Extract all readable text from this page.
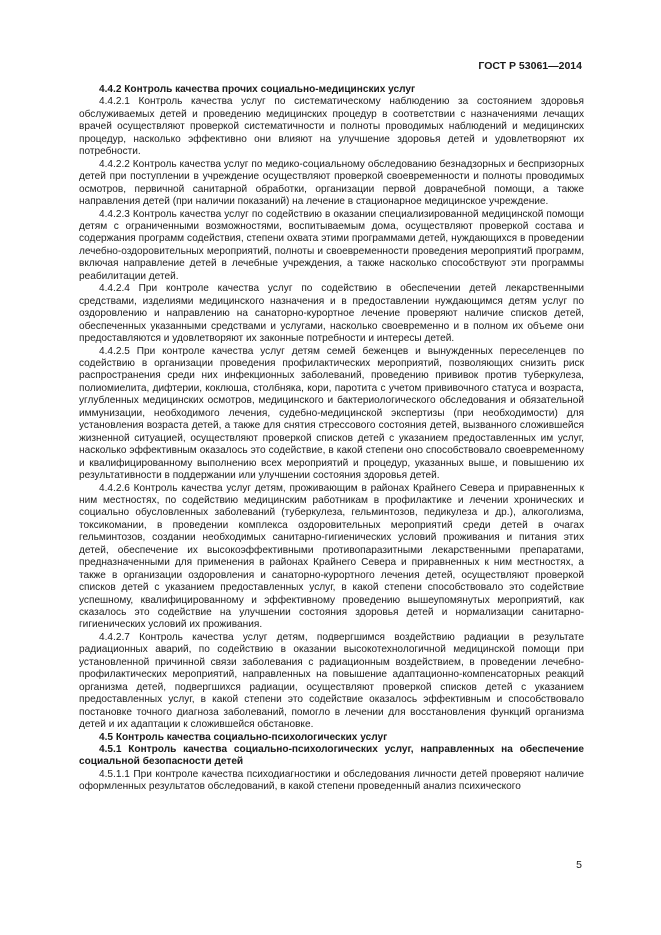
ГОСТ Р 53061—2014

4.4.2 Контроль качества прочих социально-медицинских услуг

4.4.2.1 Контроль качества услуг по систематическому наблюдению за состоянием здоровья обслуживаемых детей и проведению медицинских процедур в соответствии с назначениями лечащих врачей осуществляют проверкой систематичности и полноты проводимых наблюдений и медицинских процедур, насколько эффективно они влияют на улучшение здоровья детей и удовлетворяют их потребности.

4.4.2.2 Контроль качества услуг по медико-социальному обследованию безнадзорных и беспризорных детей при поступлении в учреждение осуществляют проверкой своевременности и полноты проводимых осмотров, первичной санитарной обработки, организации первой доврачебной помощи, а также направления детей (при наличии показаний) на лечение в стационарное медицинское учреждение.

4.4.2.3 Контроль качества услуг по содействию в оказании специализированной медицинской помощи детям с ограниченными возможностями, воспитываемым дома, осуществляют проверкой состава и содержания программ содействия, степени охвата этими программами детей, нуждающихся в проведении лечебно-оздоровительных мероприятий, полноты и своевременности проведения мероприятий программ, включая направление детей в лечебные учреждения, а также насколько способствуют эти программы реабилитации детей.

4.4.2.4 При контроле качества услуг по содействию в обеспечении детей лекарственными средствами, изделиями медицинского назначения и в предоставлении нуждающимся детям услуг по оздоровлению и направлению на санаторно-курортное лечение проверяют наличие списков детей, обеспеченных указанными средствами и услугами, насколько своевременно и в полном их объеме они предоставляются и удовлетворяют их законные потребности и интересы детей.

4.4.2.5 При контроле качества услуг детям семей беженцев и вынужденных переселенцев по содействию в организации проведения профилактических мероприятий, позволяющих снизить риск распространения среди них инфекционных заболеваний, проведению прививок против туберкулеза, полиомиелита, дифтерии, коклюша, столбняка, кори, паротита с учетом прививочного статуса и возраста, углубленных медицинских осмотров, медицинского и бактериологического обследования и обязательной иммунизации, необходимого лечения, судебно-медицинской экспертизы (при необходимости) для установления возраста детей, а также для снятия стрессового состояния детей, вызванного сложившейся жизненной ситуацией, осуществляют проверкой списков детей с указанием предоставленных им услуг, насколько эффективным оказалось это содействие, в какой степени оно способствовало своевременному и квалифицированному выполнению всех мероприятий и процедур, указанных выше, и повышению их результативности в поддержании или улучшении состояния здоровья детей.

4.4.2.6 Контроль качества услуг детям, проживающим в районах Крайнего Севера и приравненных к ним местностях, по содействию медицинским работникам в профилактике и лечении хронических и социально обусловленных заболеваний (туберкулеза, гельминтозов, педикулеза и др.), алкоголизма, токсикомании, в проведении комплекса оздоровительных мероприятий среди детей в очагах гельминтозов, создании необходимых санитарно-гигиенических условий проживания и питания этих детей, обеспечение их высокоэффективными противопаразитными лекарственными препаратами, предназначенными для применения в районах Крайнего Севера и приравненных к ним местностях, а также в организации оздоровления и санаторно-курортного лечения детей, осуществляют проверкой списков детей с указанием предоставленных услуг, в какой степени способствовало это содействие успешному, квалифицированному и эффективному проведению вышеупомянутых мероприятий, как сказалось это содействие на улучшении состояния здоровья детей и нормализации санитарно-гигиенических условий их проживания.

4.4.2.7 Контроль качества услуг детям, подвергшимся воздействию радиации в результате радиационных аварий, по содействию в оказании высокотехнологичной медицинской помощи при установленной причинной связи заболевания с радиационным воздействием, в проведении лечебно-профилактических мероприятий, направленных на повышение адаптационно-компенсаторных реакций организма детей, подвергшихся радиации, осуществляют проверкой списков детей с указанием предоставленных услуг, в какой степени это содействие оказалось эффективным и способствовало постановке точного диагноза заболеваний, помогло в лечении для восстановления функций организма детей и их адаптации к сложившейся обстановке.

4.5 Контроль качества социально-психологических услуг

4.5.1 Контроль качества социально-психологических услуг, направленных на обеспечение социальной безопасности детей

4.5.1.1 При контроле качества психодиагностики и обследования личности детей проверяют наличие оформленных результатов обследований, в какой степени проведенный анализ психического

5
